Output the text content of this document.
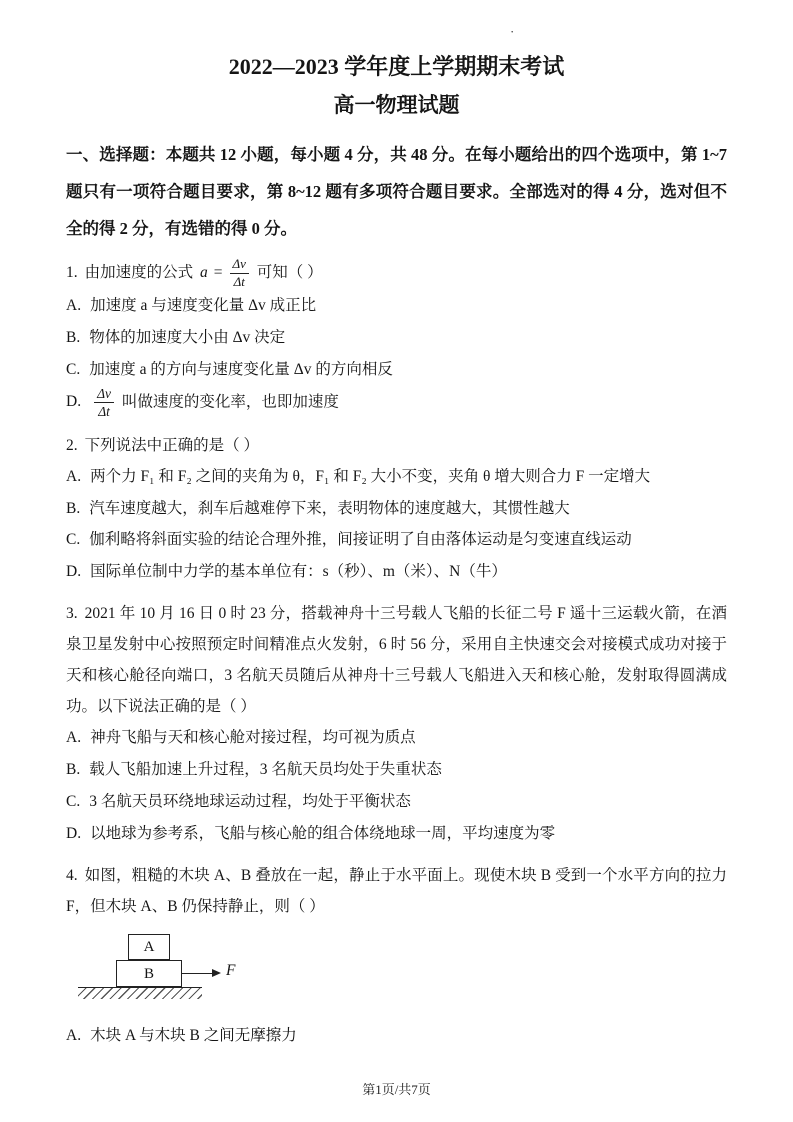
·
2022—2023 学年度上学期期末考试
高一物理试题

一、选择题：本题共 12 小题，每小题 4 分，共 48 分。在每小题给出的四个选项中，第 1~7 题只有一项符合题目要求，第 8~12 题有多项符合题目要求。全部选对的得 4 分，选对但不全的得 2 分，有选错的得 0 分。

1. 由加速度的公式 $a = \frac{\Delta v}{\Delta t}$ 可知（ ）
A. 加速度 a 与速度变化量 Δv 成正比
B. 物体的加速度大小由 Δv 决定
C. 加速度 a 的方向与速度变化量 Δv 的方向相反
D. $\frac{\Delta v}{\Delta t}$ 叫做速度的变化率，也即加速度
2. 下列说法中正确的是（ ）
A. 两个力 F₁ 和 F₂ 之间的夹角为 θ，F₁ 和 F₂ 大小不变，夹角 θ 增大则合力 F 一定增大
B. 汽车速度越大，刹车后越难停下来，表明物体的速度越大，其惯性越大
C. 伽利略将斜面实验的结论合理外推，间接证明了自由落体运动是匀变速直线运动
D. 国际单位制中力学的基本单位有：s（秒）、m（米）、N（牛）
3. 2021 年 10 月 16 日 0 时 23 分，搭载神舟十三号载人飞船的长征二号 F 遥十三运载火箭，在酒泉卫星发射中心按照预定时间精准点火发射，6 时 56 分，采用自主快速交会对接模式成功对接于天和核心舱径向端口，3 名航天员随后从神舟十三号载人飞船进入天和核心舱，发射取得圆满成功。以下说法正确的是（ ）
A. 神舟飞船与天和核心舱对接过程，均可视为质点
B. 载人飞船加速上升过程，3 名航天员均处于失重状态
C. 3 名航天员环绕地球运动过程，均处于平衡状态
D. 以地球为参考系，飞船与核心舱的组合体绕地球一周，平均速度为零
4. 如图，粗糙的木块 A、B 叠放在一起，静止于水平面上。现使木块 B 受到一个水平方向的拉力 F，但木块 A、B 仍保持静止，则（ ）
A
B	F
A. 木块 A 与木块 B 之间无摩擦力
第1页/共7页
